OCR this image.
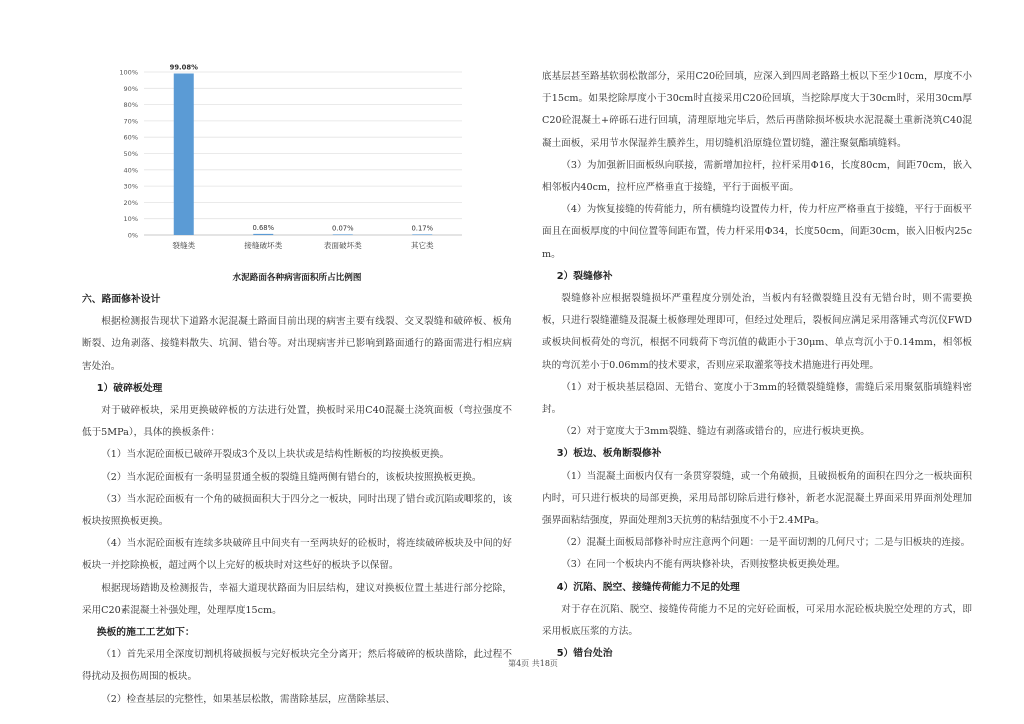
0%
10%
20%
30%
40%
50%
60%
70%
80%
90%
100%
99.08%
裂缝类
0.68%
接缝破坏类
0.07%
表面破坏类
0.17%
其它类
水泥路面各种病害面积所占比例图

六、路面修补设计

根据检测报告现状下道路水泥混凝土路面目前出现的病害主要有线裂、交叉裂缝和破碎板、板角断裂、边角剥落、接缝料散失、坑洞、错台等。对出现病害并已影响到路面通行的路面需进行相应病害处治。

1）破碎板处理

对于破碎板块，采用更换破碎板的方法进行处置，换板时采用C40混凝土浇筑面板（弯拉强度不低于5MPa），具体的换板条件：

（1）当水泥砼面板已破碎开裂成3个及以上块状或是结构性断板的均按换板更换。

（2）当水泥砼面板有一条明显贯通全板的裂缝且缝两侧有错台的，该板块按照换板更换。

（3）当水泥砼面板有一个角的破损面积大于四分之一板块，同时出现了错台或沉陷或唧浆的，该板块按照换板更换。

（4）当水泥砼面板有连续多块破碎且中间夹有一至两块好的砼板时，将连续破碎板块及中间的好板块一并挖除换板，超过两个以上完好的板块时对这些好的板块予以保留。

根据现场踏勘及检测报告，幸福大道现状路面为旧层结构，建议对换板位置土基进行部分挖除，采用C20素混凝土补强处理，处理厚度15cm。

换板的施工工艺如下：

（1）首先采用全深度切割机将破损板与完好板块完全分离开；然后将破碎的板块凿除，此过程不得扰动及损伤周围的板块。

（2）检查基层的完整性，如果基层松散，需凿除基层，应凿除基层、

底基层甚至路基软弱松散部分，采用C20砼回填，应深入到四周老路路土板以下至少10cm，厚度不小于15cm。如果挖除厚度小于30cm时直接采用C20砼回填，当挖除厚度大于30cm时，采用30cm厚C20砼混凝土+碎砾石进行回填，清理原地完毕后，然后再凿除损坏板块水泥混凝土重新浇筑C40混凝土面板，采用节水保湿养生膜养生，用切缝机沿原缝位置切缝，灌注聚氨酯填缝料。

（3）为加强新旧面板纵向联接，需新增加拉杆，拉杆采用Φ16，长度80cm，间距70cm，嵌入相邻板内40cm，拉杆应严格垂直于接缝，平行于面板平面。

（4）为恢复接缝的传荷能力，所有横缝均设置传力杆，传力杆应严格垂直于接缝，平行于面板平面且在面板厚度的中间位置等间距布置，传力杆采用Φ34，长度50cm，间距30cm，嵌入旧板内25cm。

2）裂缝修补

裂缝修补应根据裂缝损坏严重程度分别处治，当板内有轻微裂缝且没有无错台时，则不需要换板，只进行裂缝灌缝及混凝土板修理处理即可，但经过处理后，裂板间应满足采用落锤式弯沉仪FWD或板块间板荷处的弯沉，根据不同载荷下弯沉值的截距小于30μm、单点弯沉小于0.14mm，相邻板块的弯沉差小于0.06mm的技术要求，否则应采取灌浆等技术措施进行再处理。

（1）对于板块基层稳固、无错台、宽度小于3mm的轻微裂缝缝修，需缝后采用聚氨脂填缝料密封。

（2）对于宽度大于3mm裂缝、缝边有剥落或错台的，应进行板块更换。

3）板边、板角断裂修补

（1）当混凝土面板内仅有一条贯穿裂缝，或一个角破损，且破损板角的面积在四分之一板块面积内时，可只进行板块的局部更换，采用局部切除后进行修补，新老水泥混凝土界面采用界面剂处理加强界面粘结强度，界面处理剂3天抗剪的粘结强度不小于2.4MPa。

（2）混凝土面板局部修补时应注意两个问题：一是平面切割的几何尺寸；二是与旧板块的连接。

（3）在同一个板块内不能有两块修补块，否则按整块板更换处理。

4）沉陷、脱空、接缝传荷能力不足的处理

对于存在沉陷、脱空、接缝传荷能力不足的完好砼面板，可采用水泥砼板块脱空处理的方式，即采用板底压浆的方法。

5）错台处治

第4页 共18页
